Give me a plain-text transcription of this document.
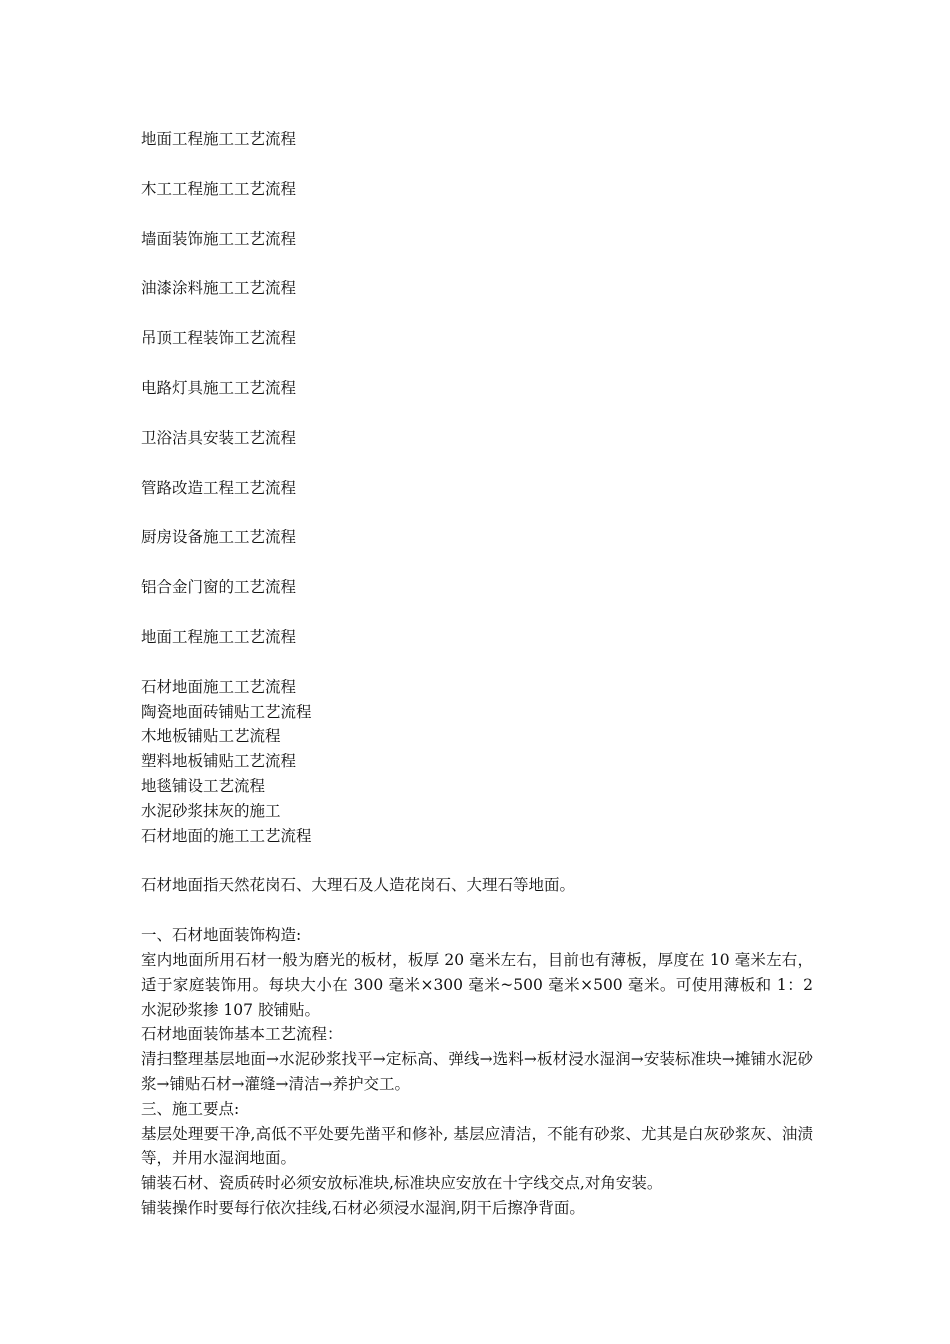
地面工程施工工艺流程

木工工程施工工艺流程

墙面装饰施工工艺流程

油漆涂料施工工艺流程

吊顶工程装饰工艺流程

电路灯具施工工艺流程

卫浴洁具安装工艺流程

管路改造工程工艺流程

厨房设备施工工艺流程

铝合金门窗的工艺流程

地面工程施工工艺流程

石材地面施工工艺流程

陶瓷地面砖铺贴工艺流程

木地板铺贴工艺流程

塑料地板铺贴工艺流程

地毯铺设工艺流程

水泥砂浆抹灰的施工

石材地面的施工工艺流程

石材地面指天然花岗石、大理石及人造花岗石、大理石等地面。

一、石材地面装饰构造:

室内地面所用石材一般为磨光的板材，板厚 20 毫米左右，目前也有薄板，厚度在 10 毫米左右，适于家庭装饰用。每块大小在 300 毫米×300 毫米~500 毫米×500 毫米。可使用薄板和 1：2 水泥砂浆掺 107 胶铺贴。

石材地面装饰基本工艺流程：

清扫整理基层地面→水泥砂浆找平→定标高、弹线→选料→板材浸水湿润→安装标准块→摊铺水泥砂浆→铺贴石材→灌缝→清洁→养护交工。

三、施工要点:

基层处理要干净,高低不平处要先凿平和修补, 基层应清洁，不能有砂浆、尤其是白灰砂浆灰、油渍等，并用水湿润地面。

铺装石材、瓷质砖时必须安放标准块,标准块应安放在十字线交点,对角安装。

铺装操作时要每行依次挂线,石材必须浸水湿润,阴干后擦净背面。
